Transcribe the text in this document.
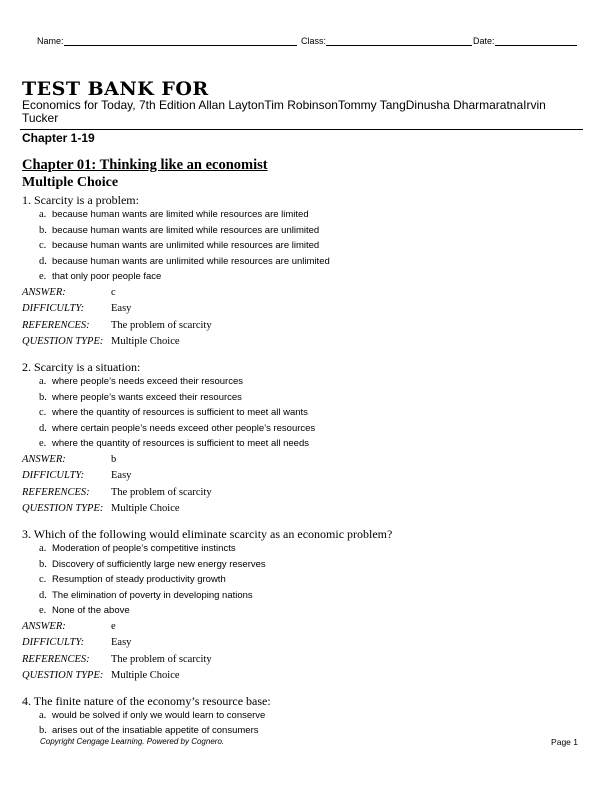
Name:	Class:	Date:
TEST BANK FOR
Economics for Today, 7th Edition Allan LaytonTim RobinsonTommy TangDinusha DharmaratnaIrvin Tucker
Chapter 1-19
Chapter 01: Thinking like an economist
Multiple Choice
1. Scarcity is a problem:
a. because human wants are limited while resources are limited
b. because human wants are limited while resources are unlimited
c. because human wants are unlimited while resources are limited
d. because human wants are unlimited while resources are unlimited
e. that only poor people face
ANSWER:	c
DIFFICULTY:	Easy
REFERENCES: The problem of scarcity
QUESTION TYPE: Multiple Choice
2. Scarcity is a situation:
a. where people’s needs exceed their resources
b. where people’s wants exceed their resources
c. where the quantity of resources is sufficient to meet all wants
d. where certain people’s needs exceed other people’s resources
e. where the quantity of resources is sufficient to meet all needs
ANSWER:	b
DIFFICULTY:	Easy
REFERENCES: The problem of scarcity
QUESTION TYPE: Multiple Choice
3. Which of the following would eliminate scarcity as an economic problem?
a. Moderation of people’s competitive instincts
b. Discovery of sufficiently large new energy reserves
c. Resumption of steady productivity growth
d. The elimination of poverty in developing nations
e. None of the above
ANSWER:	e
DIFFICULTY:	Easy
REFERENCES: The problem of scarcity
QUESTION TYPE: Multiple Choice
4. The finite nature of the economy’s resource base:
a. would be solved if only we would learn to conserve
b. arises out of the insatiable appetite of consumers
Copyright Cengage Learning. Powered by Cognero.	Page 1
